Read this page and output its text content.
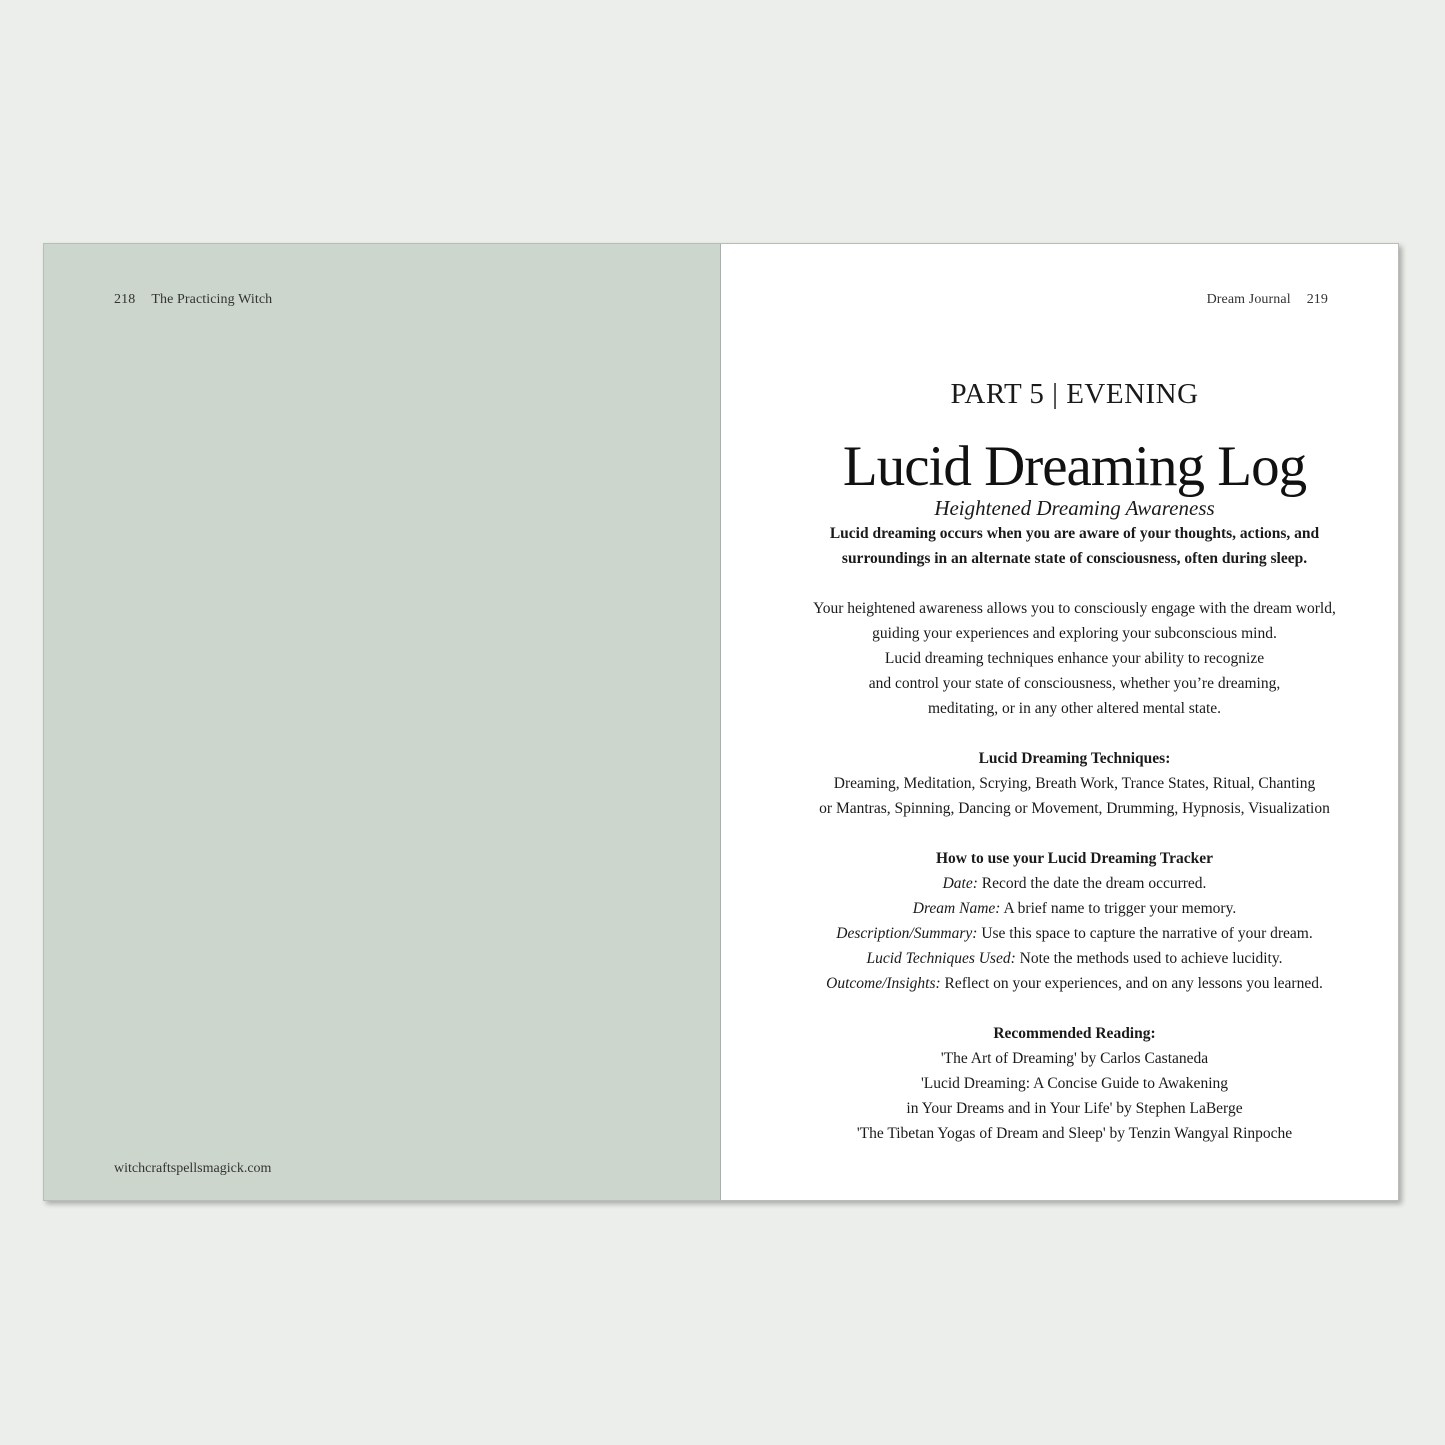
218 The Practicing Witch
witchcraftspellsmagick.com
Dream Journal 219

PART 5 | EVENING

Lucid Dreaming Log

Heightened Dreaming Awareness

Lucid dreaming occurs when you are aware of your thoughts, actions, and

surroundings in an alternate state of consciousness, often during sleep.

Your heightened awareness allows you to consciously engage with the dream world,

guiding your experiences and exploring your subconscious mind.

Lucid dreaming techniques enhance your ability to recognize

and control your state of consciousness, whether you’re dreaming,

meditating, or in any other altered mental state.

Lucid Dreaming Techniques:

Dreaming, Meditation, Scrying, Breath Work, Trance States, Ritual, Chanting

or Mantras, Spinning, Dancing or Movement, Drumming, Hypnosis, Visualization

How to use your Lucid Dreaming Tracker

Date: Record the date the dream occurred.

Dream Name: A brief name to trigger your memory.

Description/Summary: Use this space to capture the narrative of your dream.

Lucid Techniques Used: Note the methods used to achieve lucidity.

Outcome/Insights: Reflect on your experiences, and on any lessons you learned.

Recommended Reading:

'The Art of Dreaming' by Carlos Castaneda

'Lucid Dreaming: A Concise Guide to Awakening

in Your Dreams and in Your Life' by Stephen LaBerge

'The Tibetan Yogas of Dream and Sleep' by Tenzin Wangyal Rinpoche
